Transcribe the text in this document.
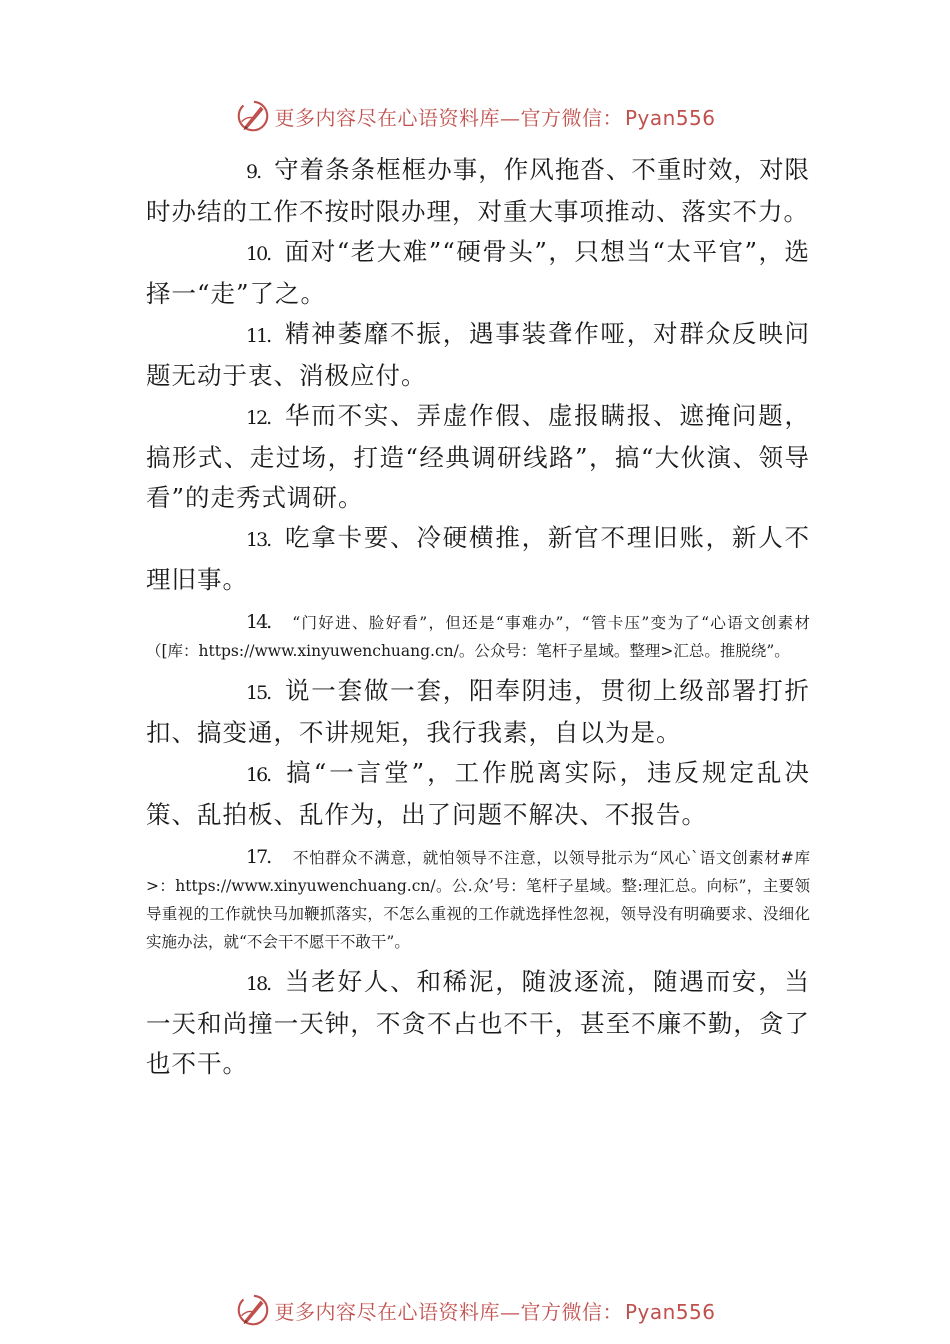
更多内容尽在心语资料库—官方微信： Pyan556

9. 守着条条框框办事，作风拖沓、不重时效，对限时办结的工作不按时限办理，对重大事项推动、落实不力。

10. 面对“老大难”“硬骨头”，只想当“太平官”，选择一“走”了之。

11. 精神萎靡不振，遇事装聋作哑，对群众反映问题无动于衷、消极应付。

12. 华而不实、弄虚作假、虚报瞒报、遮掩问题，搞形式、走过场，打造“经典调研线路”，搞“大伙演、领导看”的走秀式调研。

13. 吃拿卡要、冷硬横推，新官不理旧账，新人不理旧事。

14. “门好进、脸好看”，但还是“事难办”，“管卡压”变为了“心语文创素材（[库：https://www.xinyuwenchuang.cn/。公众号：笔杆子星域。整理>汇总。推脱绕”。

15. 说一套做一套，阳奉阴违，贯彻上级部署打折扣、搞变通，不讲规矩，我行我素，自以为是。

16. 搞“一言堂”，工作脱离实际，违反规定乱决策、乱拍板、乱作为，出了问题不解决、不报告。

17. 不怕群众不满意，就怕领导不注意，以领导批示为“风心`语文创素材#库>：https://www.xinyuwenchuang.cn/。公.众’号：笔杆子星域。整:理汇总。向标”，主要领导重视的工作就快马加鞭抓落实，不怎么重视的工作就选择性忽视，领导没有明确要求、没细化实施办法，就“不会干不愿干不敢干”。

18. 当老好人、和稀泥，随波逐流，随遇而安，当一天和尚撞一天钟，不贪不占也不干，甚至不廉不勤，贪了也不干。

更多内容尽在心语资料库—官方微信： Pyan556
